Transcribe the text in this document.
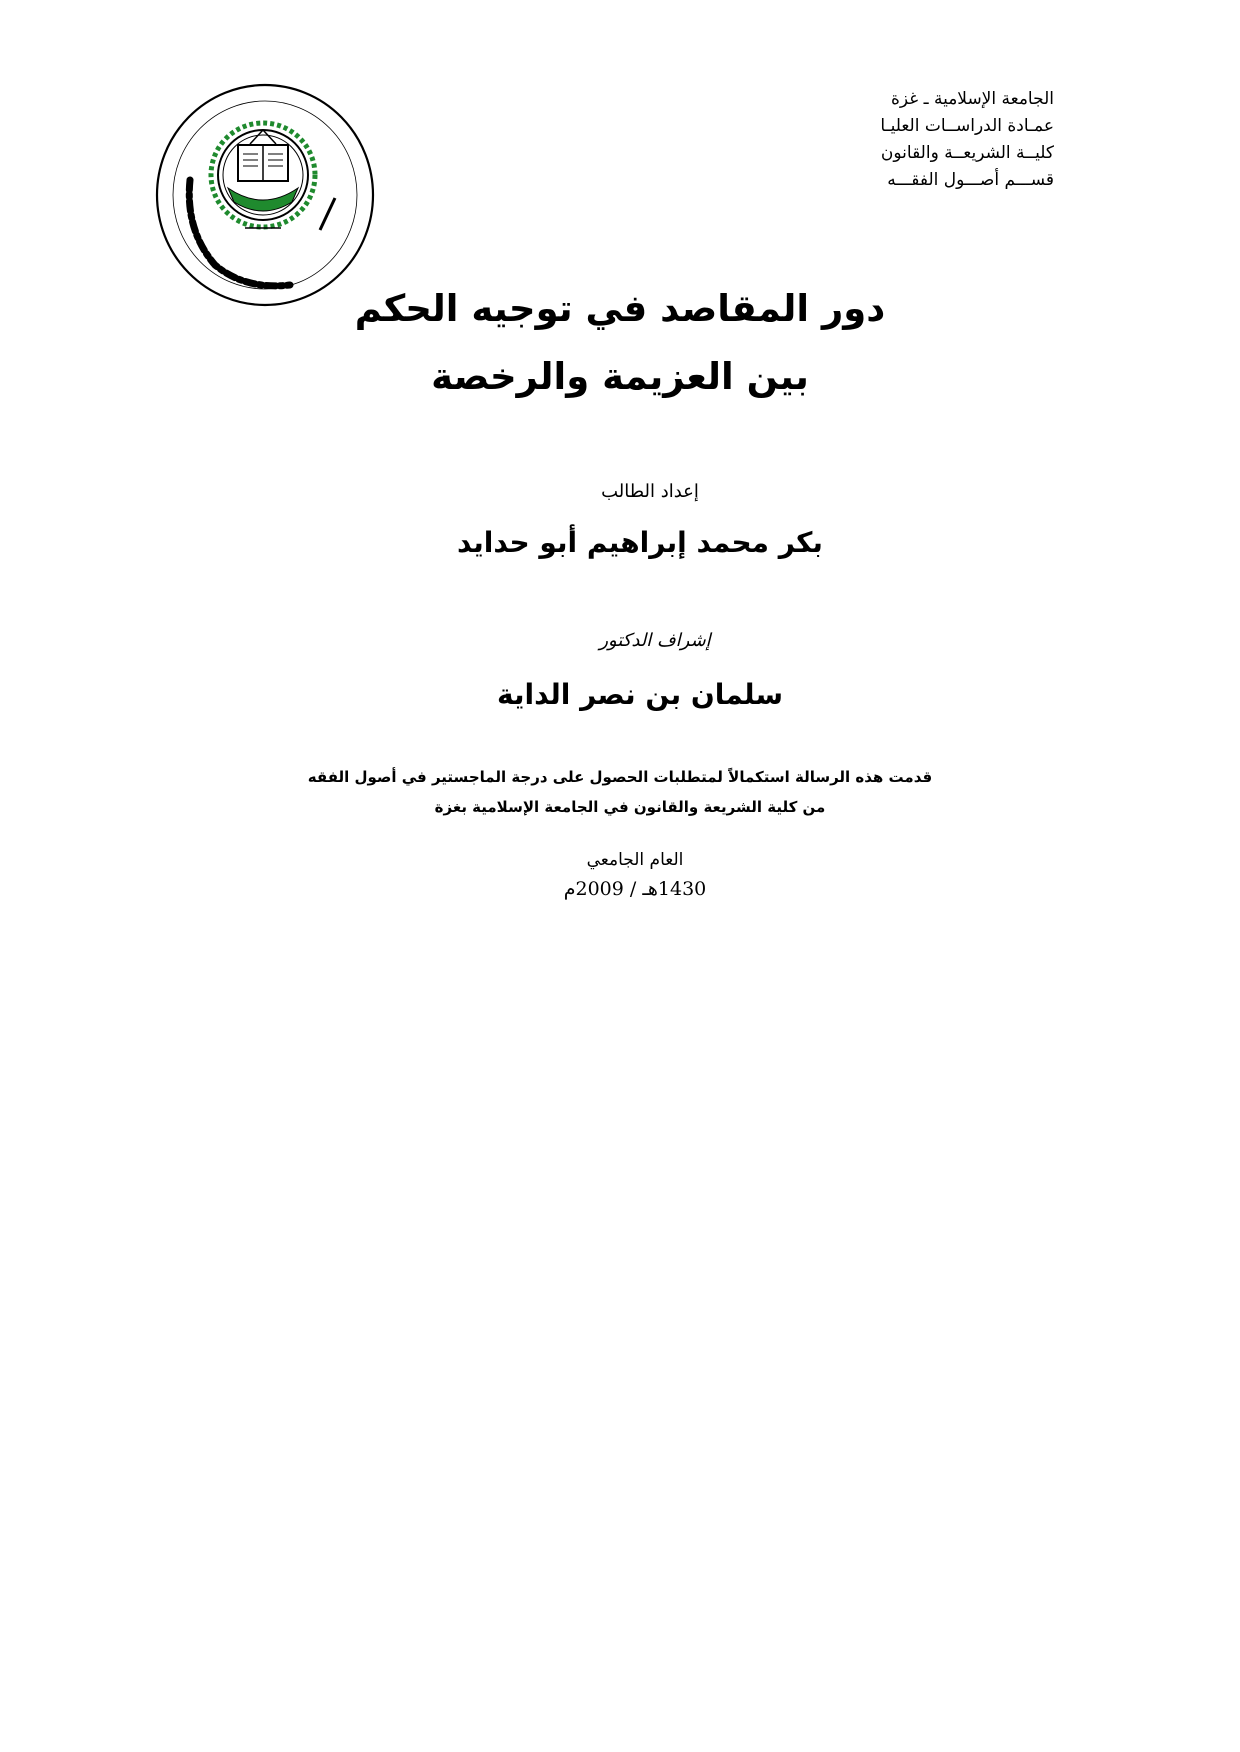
الجامعة الإسلامية ـ غزة
عمـادة الدراســات العليـا
كليــة الشريعــة والقانون
قســـم أصـــول الفقـــه
دور المقاصد في توجيه الحكم
بين العزيمة والرخصة
إعداد الطالب
بكر محمد إبراهيم أبو حدايد
إشراف الدكتور
سلمان بن نصر الداية
قدمت هذه الرسالة استكمالاً لمتطلبات الحصول على درجة الماجستير في أصول الفقه
من كلية الشريعة والقانون في الجامعة الإسلامية بغزة
العام الجامعي
1430هـ / 2009م
